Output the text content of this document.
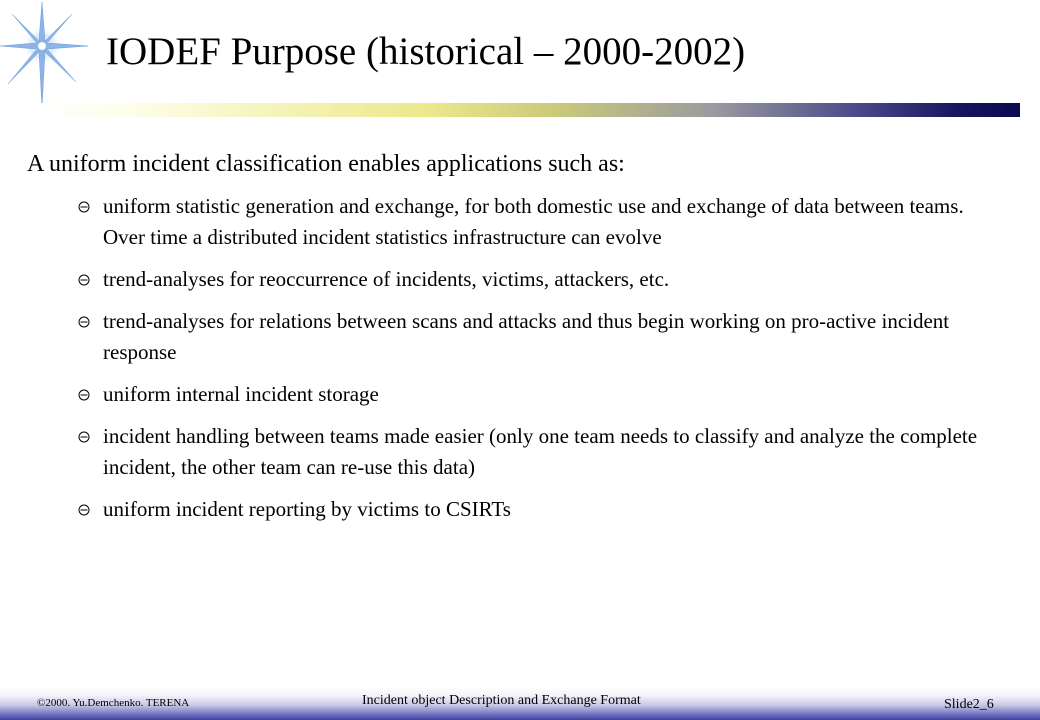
IODEF Purpose (historical – 2000-2002)
A uniform incident classification enables applications such as:
uniform statistic generation and exchange, for both domestic use and exchange of data between teams. Over time a distributed incident statistics infrastructure can evolve
trend-analyses for reoccurrence of incidents, victims, attackers, etc.
trend-analyses for relations between scans and attacks and thus begin working on pro-active incident response
uniform internal incident storage
incident handling between teams made easier (only one team needs to classify and analyze the complete incident, the other team can re-use this data)
uniform incident reporting by victims to CSIRTs
©2000. Yu.Demchenko. TERENA	Incident object Description and Exchange Format	Slide2_6
